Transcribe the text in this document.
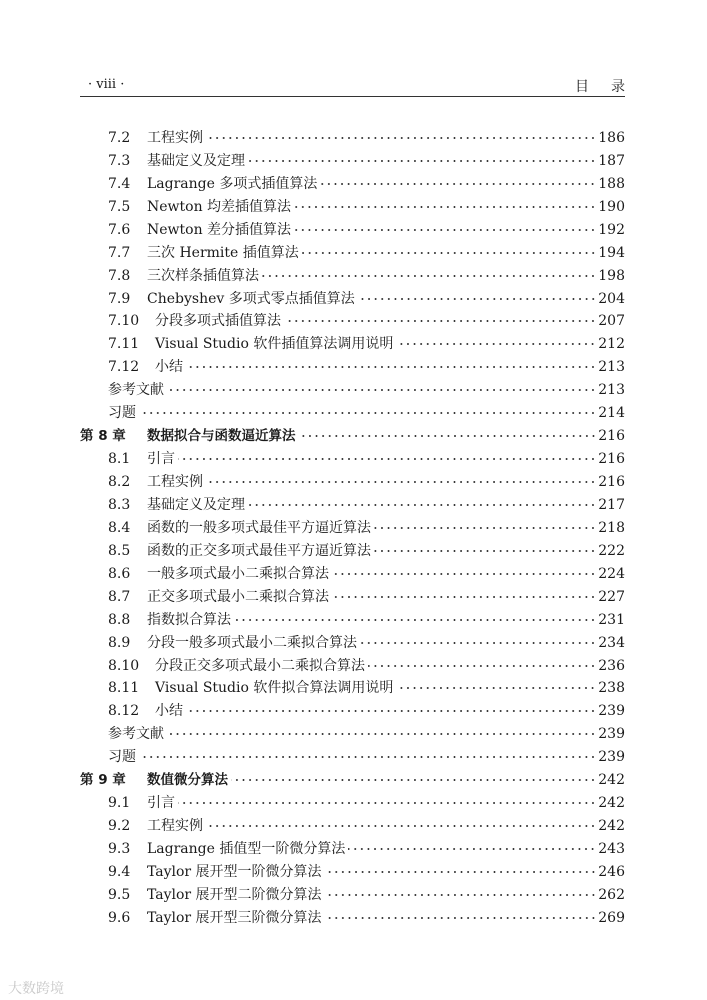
· viii ·	目录
7.2	工程实例	186
7.3	基础定义及定理	187
7.4	Lagrange 多项式插值算法	188
7.5	Newton 均差插值算法	190
7.6	Newton 差分插值算法	192
7.7	三次 Hermite 插值算法	194
7.8	三次样条插值算法	198
7.9	Chebyshev 多项式零点插值算法	204
7.10	分段多项式插值算法	207
7.11	Visual Studio 软件插值算法调用说明	212
7.12	小结	213
参考文献	213
习题	214
第 8 章	数据拟合与函数逼近算法	216
8.1	引言	216
8.2	工程实例	216
8.3	基础定义及定理	217
8.4	函数的一般多项式最佳平方逼近算法	218
8.5	函数的正交多项式最佳平方逼近算法	222
8.6	一般多项式最小二乘拟合算法	224
8.7	正交多项式最小二乘拟合算法	227
8.8	指数拟合算法	231
8.9	分段一般多项式最小二乘拟合算法	234
8.10	分段正交多项式最小二乘拟合算法	236
8.11	Visual Studio 软件拟合算法调用说明	238
8.12	小结	239
参考文献	239
习题	239
第 9 章	数值微分算法	242
9.1	引言	242
9.2	工程实例	242
9.3	Lagrange 插值型一阶微分算法	243
9.4	Taylor 展开型一阶微分算法	246
9.5	Taylor 展开型二阶微分算法	262
9.6	Taylor 展开型三阶微分算法	269
大数跨境
